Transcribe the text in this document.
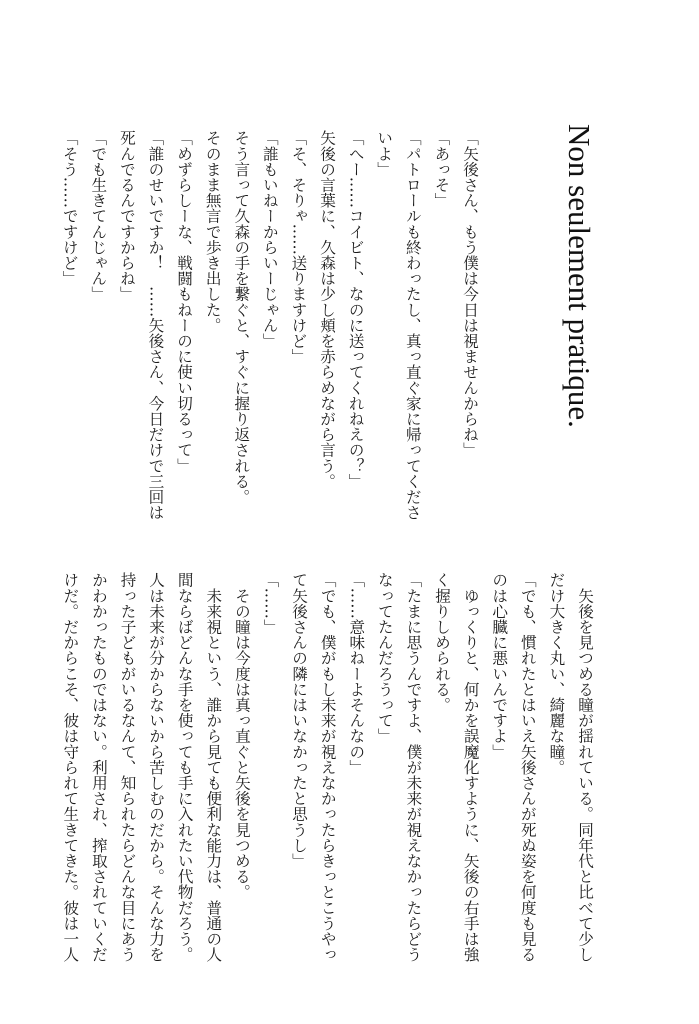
Non seulement pratique.
「矢後さん、もう僕は今日は視ませんからね」
「あっそ」
「パトロールも終わったし、真っ直ぐ家に帰ってくださ
いよ」
「へー……コイビト、なのに送ってくれねえの？」
矢後の言葉に、久森は少し頬を赤らめながら言う。
「そ、そりゃ……送りますけど」
「誰もいねーからいーじゃん」
そう言って久森の手を繋ぐと、すぐに握り返される。
そのまま無言で歩き出した。
「めずらしーな、戦闘もねーのに使い切るって」
「誰のせいですか！　……矢後さん、今日だけで三回は
死んでるんですからね」
「でも生きてんじゃん」
「そう……ですけど」
　矢後を見つめる瞳が揺れている。同年代と比べて少し
だけ大きく丸い、綺麗な瞳。
「でも、慣れたとはいえ矢後さんが死ぬ姿を何度も見る
のは心臓に悪いんですよ」
　ゆっくりと、何かを誤魔化すように、矢後の右手は強
く握りしめられる。
「たまに思うんですよ、僕が未来が視えなかったらどう
なってたんだろうって」
「……意味ねーよそんなの」
「でも、僕がもし未来が視えなかったらきっとこうやっ
て矢後さんの隣にはいなかったと思うし」
「……」
　その瞳は今度は真っ直ぐと矢後を見つめる。
　未来視という、誰から見ても便利な能力は、普通の人
間ならばどんな手を使っても手に入れたい代物だろう。
人は未来が分からないから苦しむのだから。そんな力を
持った子どもがいるなんて、知られたらどんな目にあう
かわかったものではない。利用され、搾取されていくだ
けだ。だからこそ、彼は守られて生きてきた。彼は一人
